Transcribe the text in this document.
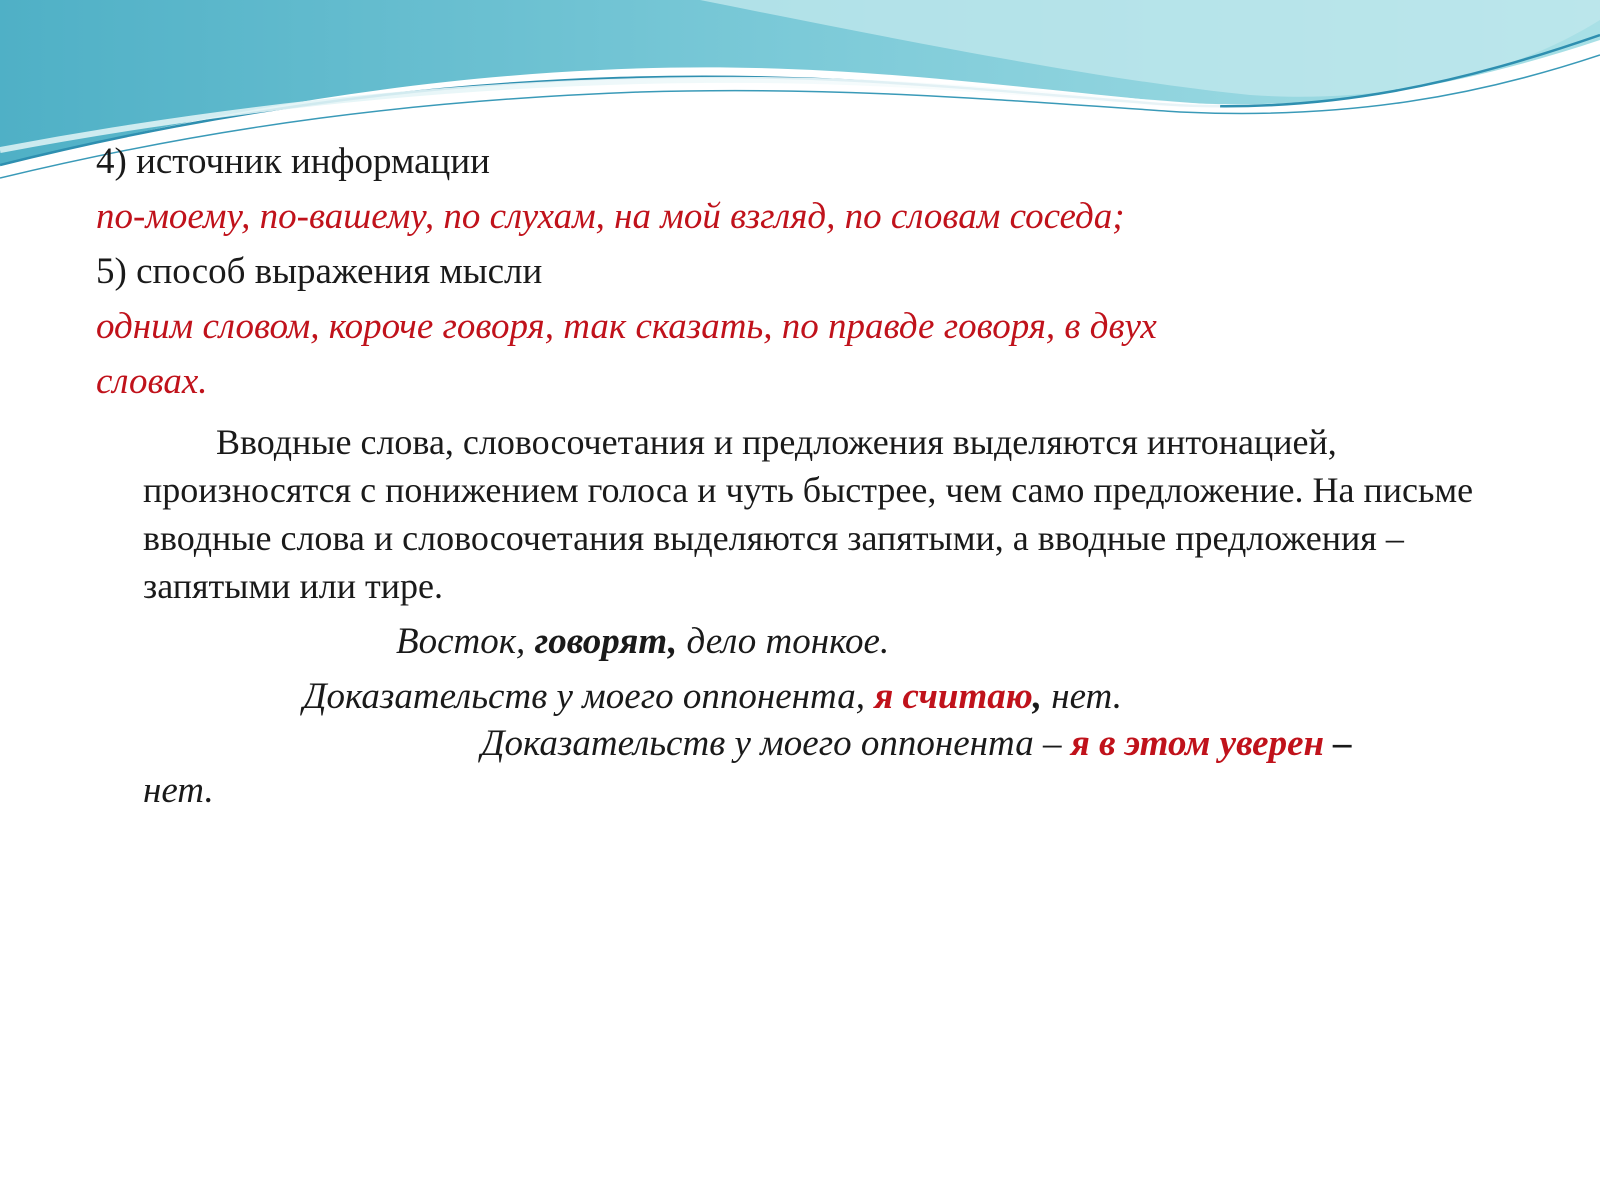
4) источник информации
по-моему, по-вашему, по слухам, на мой взгляд, по словам соседа;
5) способ выражения мысли
одним словом, короче говоря, так сказать, по правде говоря, в двух
словах.

Вводные слова, словосочетания и предложения выделяются интонацией, произносятся с понижением голоса и чуть быстрее, чем само предложение. На письме вводные слова и словосочетания выделяются запятыми, а вводные предложения – запятыми или тире.

Восток, говорят, дело тонкое.
Доказательств у моего оппонента, я считаю, нет.
Доказательств у моего оппонента – я в этом уверен –
нет.
